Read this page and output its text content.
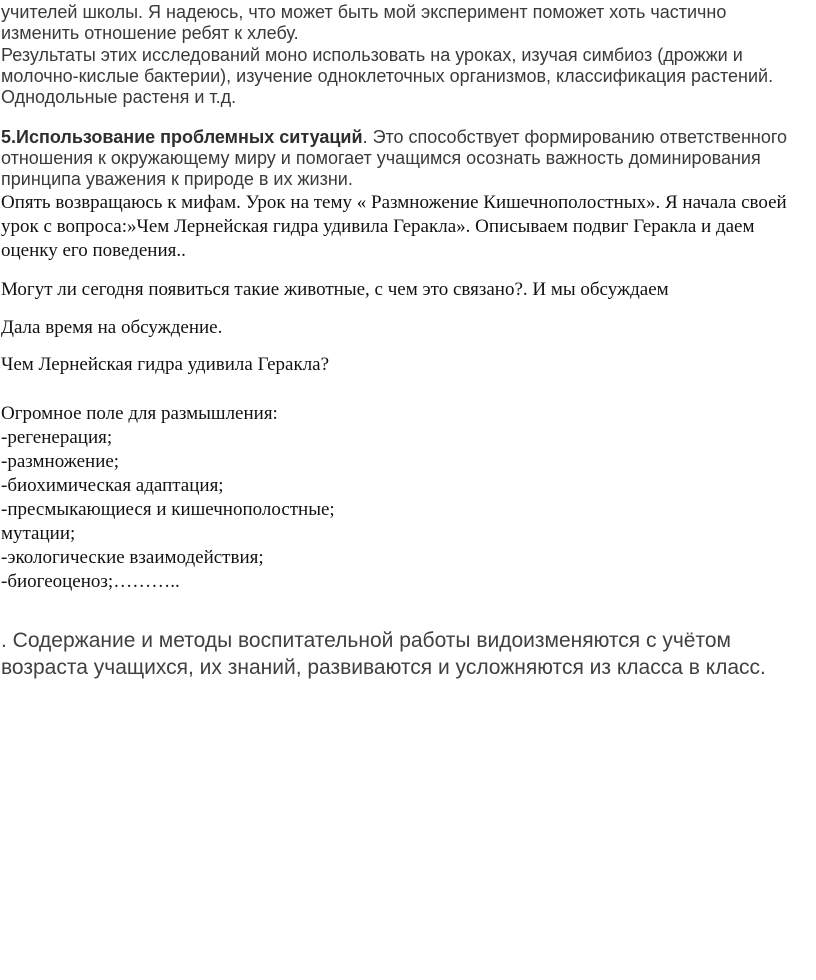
учителей школы. Я надеюсь, что может быть мой эксперимент поможет хоть частично
изменить отношение ребят к хлебу.
Результаты этих исследований моно использовать на уроках, изучая симбиоз (дрожжи и
молочно-кислые бактерии), изучение одноклеточных организмов, классификация растений.
Однодольные растеня и т.д.
5.Использование проблемных ситуаций. Это способствует формированию ответственного
отношения к окружающему миру и помогает учащимся осознать важность доминирования
принципа уважения к природе в их жизни.
Опять возвращаюсь к мифам. Урок на тему « Размножение Кишечнополостных». Я начала своей
урок с вопроса:»Чем Лернейская гидра удивила Геракла». Описываем подвиг Геракла и даем
оценку его поведения..
Могут ли сегодня появиться такие животные, с чем это связано?. И мы обсуждаем
Дала время на обсуждение.
Чем Лернейская гидра удивила Геракла?
Огромное поле для размышления:
-регенерация;
-размножение;
-биохимическая адаптация;
-пресмыкающиеся и кишечнополостные;
мутации;
-экологические взаимодействия;
-биогеоценоз;………..
. Содержание и методы воспитательной работы видоизменяются с учётом
возраста учащихся, их знаний, развиваются и усложняются из класса в класс.
